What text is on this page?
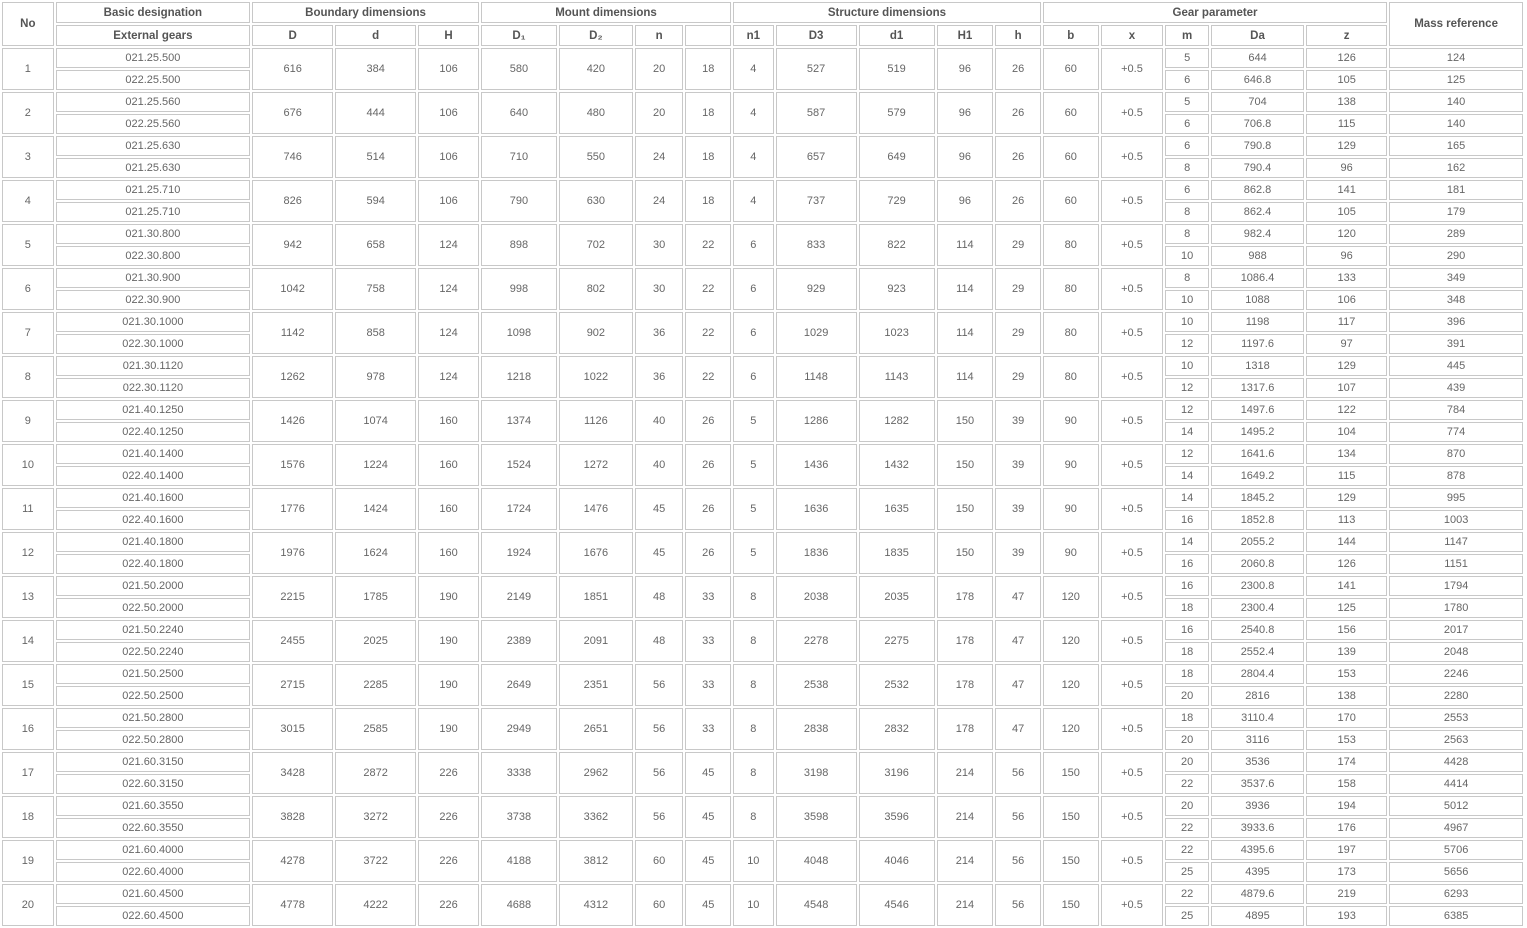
No	Basic designation	Boundary dimensions			Mount dimensions				Structure dimensions					Gear parameter					Mass reference
	External gears	D	d	H	D₁	D₂	n		n1	D3	d1	H1	h	b	x	m	Da	z	
1	021.25.500	616	384	106	580	420	20	18	4	527	519	96	26	60	+0.5	5	644	126	124
	022.25.500															6	646.8	105	125
2	021.25.560	676	444	106	640	480	20	18	4	587	579	96	26	60	+0.5	5	704	138	140
	022.25.560															6	706.8	115	140
3	021.25.630	746	514	106	710	550	24	18	4	657	649	96	26	60	+0.5	6	790.8	129	165
	021.25.630															8	790.4	96	162
4	021.25.710	826	594	106	790	630	24	18	4	737	729	96	26	60	+0.5	6	862.8	141	181
	021.25.710															8	862.4	105	179
5	021.30.800	942	658	124	898	702	30	22	6	833	822	114	29	80	+0.5	8	982.4	120	289
	022.30.800															10	988	96	290
6	021.30.900	1042	758	124	998	802	30	22	6	929	923	114	29	80	+0.5	8	1086.4	133	349
	022.30.900															10	1088	106	348
7	021.30.1000	1142	858	124	1098	902	36	22	6	1029	1023	114	29	80	+0.5	10	1198	117	396
	022.30.1000															12	1197.6	97	391
8	021.30.1120	1262	978	124	1218	1022	36	22	6	1148	1143	114	29	80	+0.5	10	1318	129	445
	022.30.1120															12	1317.6	107	439
9	021.40.1250	1426	1074	160	1374	1126	40	26	5	1286	1282	150	39	90	+0.5	12	1497.6	122	784
	022.40.1250															14	1495.2	104	774
10	021.40.1400	1576	1224	160	1524	1272	40	26	5	1436	1432	150	39	90	+0.5	12	1641.6	134	870
	022.40.1400															14	1649.2	115	878
11	021.40.1600	1776	1424	160	1724	1476	45	26	5	1636	1635	150	39	90	+0.5	14	1845.2	129	995
	022.40.1600															16	1852.8	113	1003
12	021.40.1800	1976	1624	160	1924	1676	45	26	5	1836	1835	150	39	90	+0.5	14	2055.2	144	1147
	022.40.1800															16	2060.8	126	1151
13	021.50.2000	2215	1785	190	2149	1851	48	33	8	2038	2035	178	47	120	+0.5	16	2300.8	141	1794
	022.50.2000															18	2300.4	125	1780
14	021.50.2240	2455	2025	190	2389	2091	48	33	8	2278	2275	178	47	120	+0.5	16	2540.8	156	2017
	022.50.2240															18	2552.4	139	2048
15	021.50.2500	2715	2285	190	2649	2351	56	33	8	2538	2532	178	47	120	+0.5	18	2804.4	153	2246
	022.50.2500															20	2816	138	2280
16	021.50.2800	3015	2585	190	2949	2651	56	33	8	2838	2832	178	47	120	+0.5	18	3110.4	170	2553
	022.50.2800															20	3116	153	2563
17	021.60.3150	3428	2872	226	3338	2962	56	45	8	3198	3196	214	56	150	+0.5	20	3536	174	4428
	022.60.3150															22	3537.6	158	4414
18	021.60.3550	3828	3272	226	3738	3362	56	45	8	3598	3596	214	56	150	+0.5	20	3936	194	5012
	022.60.3550															22	3933.6	176	4967
19	021.60.4000	4278	3722	226	4188	3812	60	45	10	4048	4046	214	56	150	+0.5	22	4395.6	197	5706
	022.60.4000															25	4395	173	5656
20	021.60.4500	4778	4222	226	4688	4312	60	45	10	4548	4546	214	56	150	+0.5	22	4879.6	219	6293
	022.60.4500															25	4895	193	6385
